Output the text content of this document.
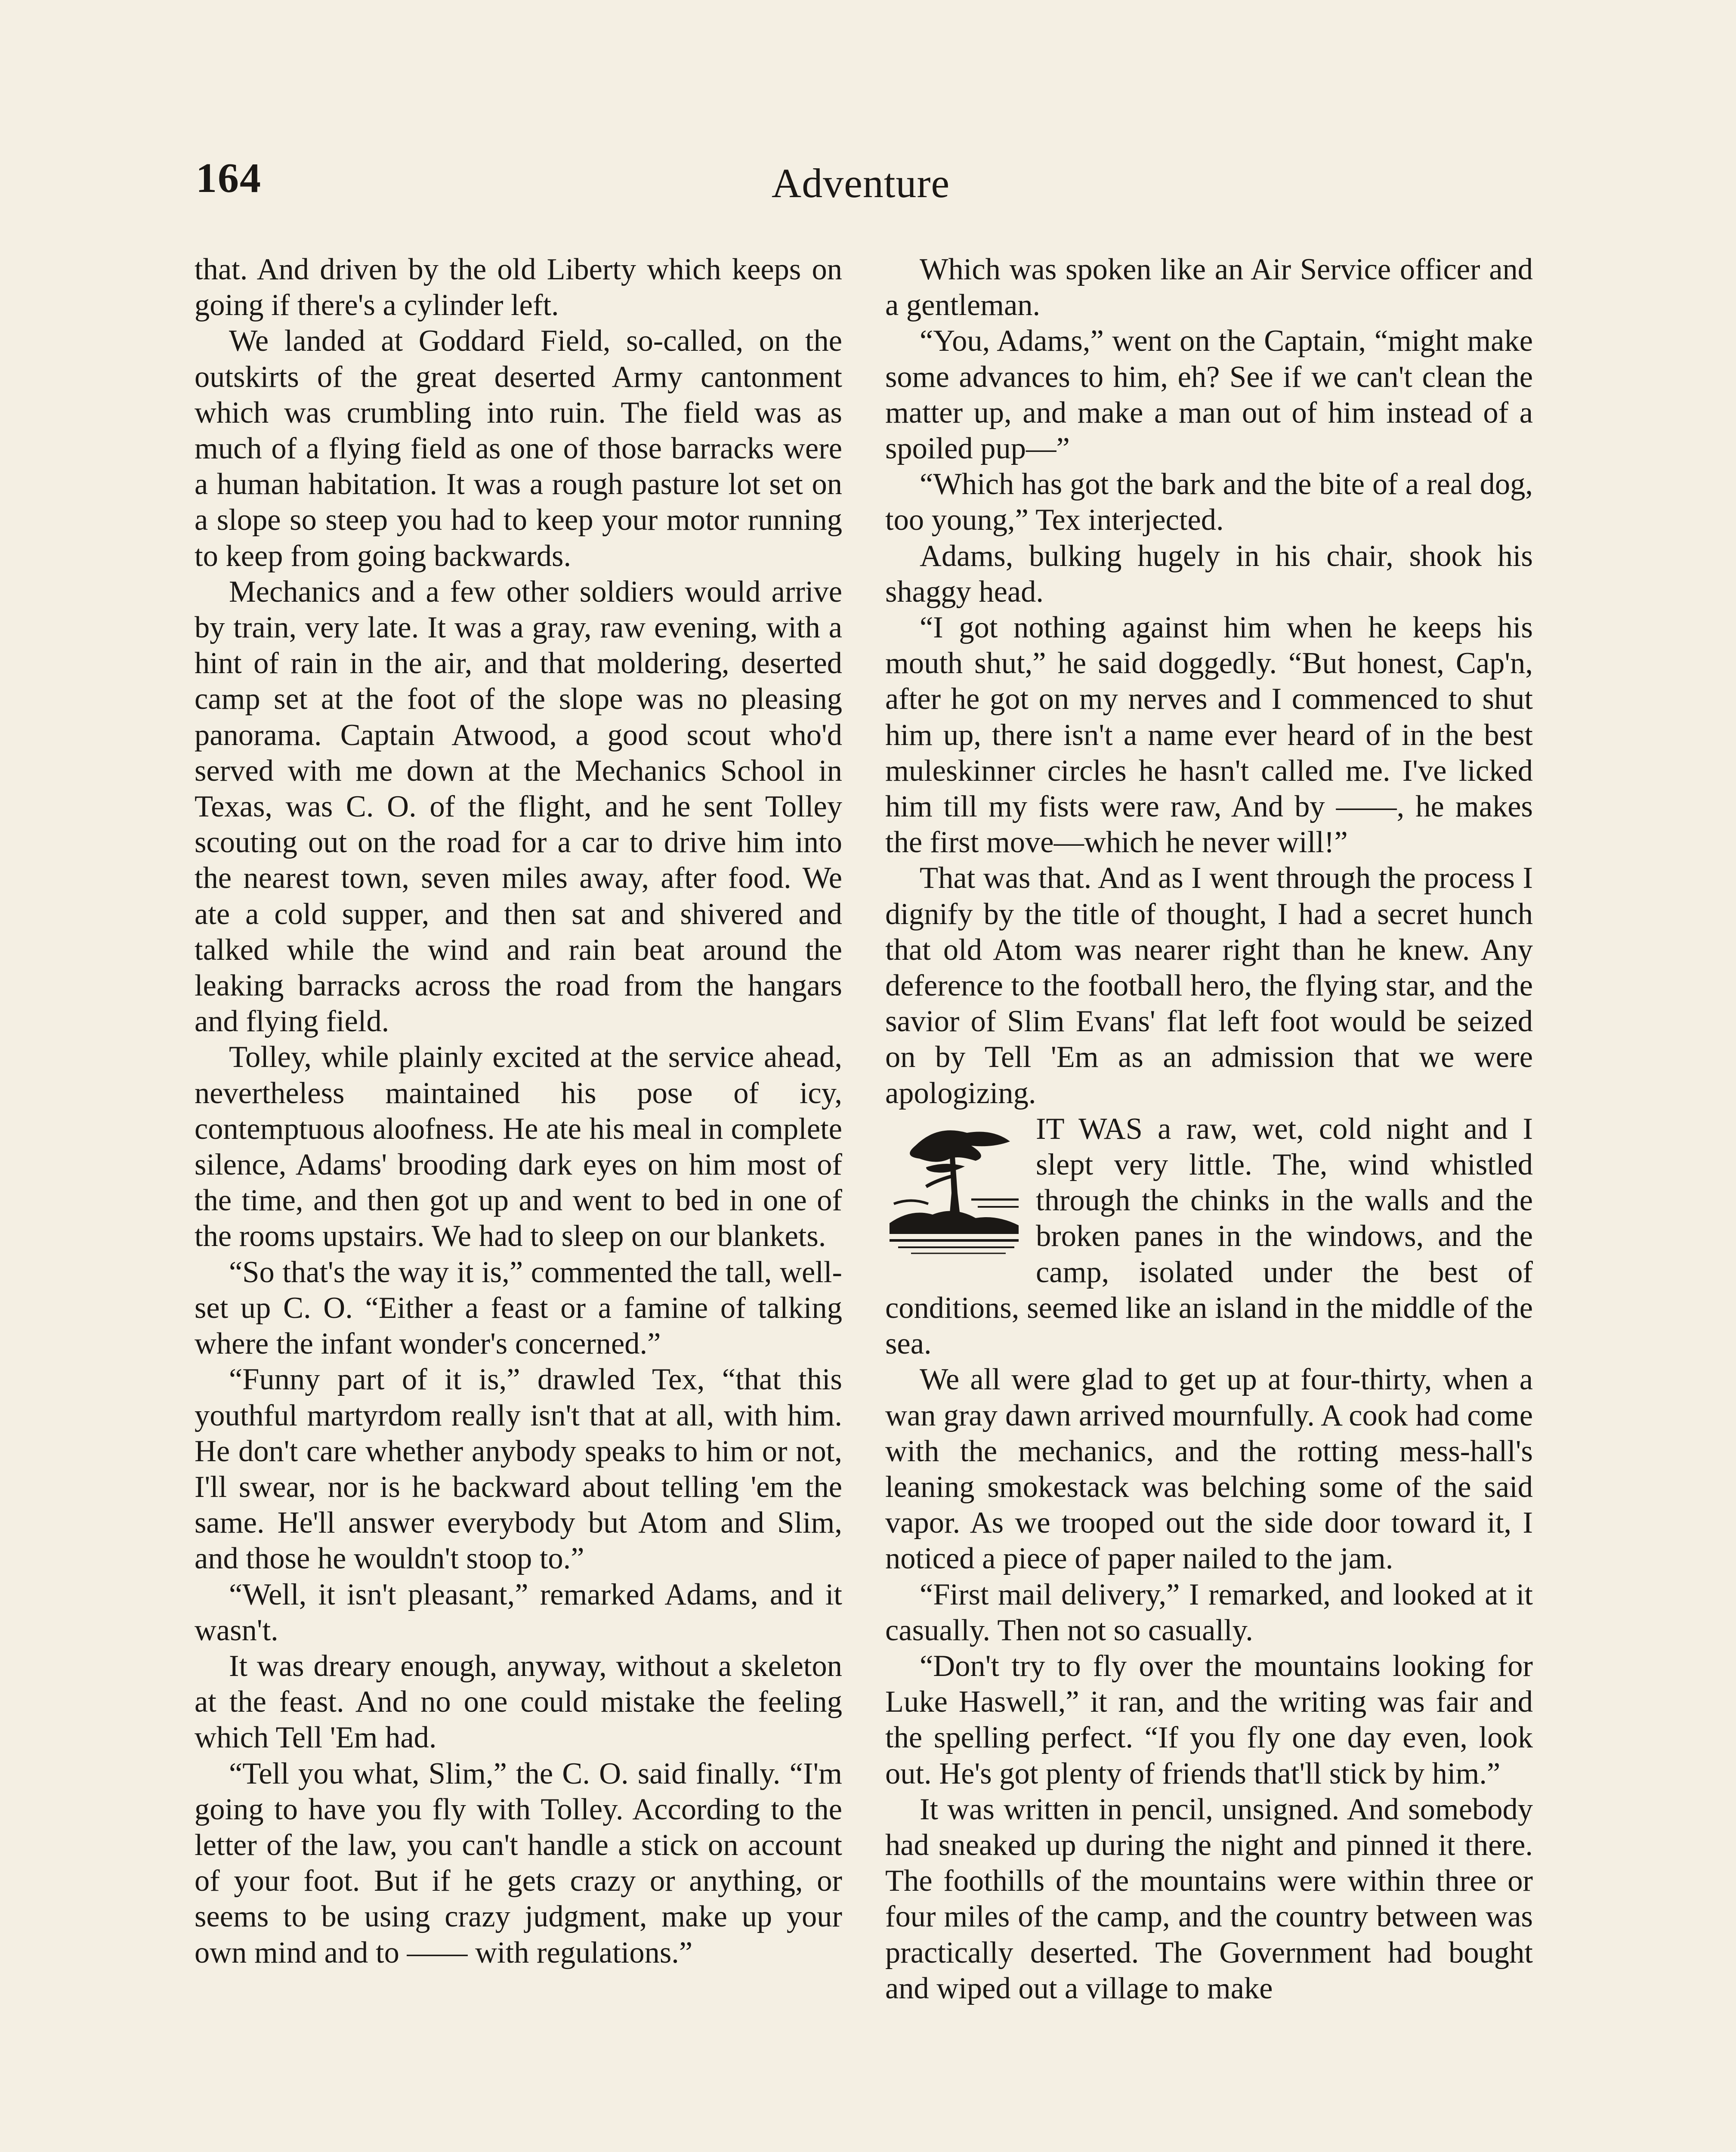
164	Adventure

that. And driven by the old Liberty which keeps on going if there's a cylinder left.

We landed at Goddard Field, so-called, on the outskirts of the great deserted Army cantonment which was crumbling into ruin. The field was as much of a flying field as one of those barracks were a human habitation. It was a rough pasture lot set on a slope so steep you had to keep your motor running to keep from going backwards.

Mechanics and a few other soldiers would arrive by train, very late. It was a gray, raw evening, with a hint of rain in the air, and that moldering, deserted camp set at the foot of the slope was no pleasing panorama. Captain Atwood, a good scout who'd served with me down at the Mechanics School in Texas, was C. O. of the flight, and he sent Tolley scouting out on the road for a car to drive him into the nearest town, seven miles away, after food. We ate a cold supper, and then sat and shivered and talked while the wind and rain beat around the leaking barracks across the road from the hangars and flying field.

Tolley, while plainly excited at the service ahead, nevertheless maintained his pose of icy, contemptuous aloofness. He ate his meal in complete silence, Adams' brooding dark eyes on him most of the time, and then got up and went to bed in one of the rooms upstairs. We had to sleep on our blankets.

“So that's the way it is,” commented the tall, well-set up C. O. “Either a feast or a famine of talking where the infant wonder's concerned.”

“Funny part of it is,” drawled Tex, “that this youthful martyrdom really isn't that at all, with him. He don't care whether anybody speaks to him or not, I'll swear, nor is he backward about telling 'em the same. He'll answer everybody but Atom and Slim, and those he wouldn't stoop to.”

“Well, it isn't pleasant,” remarked Adams, and it wasn't.

It was dreary enough, anyway, without a skeleton at the feast. And no one could mistake the feeling which Tell 'Em had.

“Tell you what, Slim,” the C. O. said finally. “I'm going to have you fly with Tolley. According to the letter of the law, you can't handle a stick on account of your foot. But if he gets crazy or anything, or seems to be using crazy judgment, make up your own mind and to —— with regulations.”

Which was spoken like an Air Service officer and a gentleman.

“You, Adams,” went on the Captain, “might make some advances to him, eh? See if we can't clean the matter up, and make a man out of him instead of a spoiled pup—”

“Which has got the bark and the bite of a real dog, too young,” Tex interjected.

Adams, bulking hugely in his chair, shook his shaggy head.

“I got nothing against him when he keeps his mouth shut,” he said doggedly. “But honest, Cap'n, after he got on my nerves and I commenced to shut him up, there isn't a name ever heard of in the best muleskinner circles he hasn't called me. I've licked him till my fists were raw, And by ——, he makes the first move—which he never will!”

That was that. And as I went through the process I dignify by the title of thought, I had a secret hunch that old Atom was nearer right than he knew. Any deference to the football hero, the flying star, and the savior of Slim Evans' flat left foot would be seized on by Tell 'Em as an admission that we were apologizing.

IT WAS a raw, wet, cold night and I slept very little. The, wind whistled through the chinks in the walls and the broken panes in the windows, and the camp, isolated under the best of conditions, seemed like an island in the middle of the sea.

We all were glad to get up at four-thirty, when a wan gray dawn arrived mournfully. A cook had come with the mechanics, and the rotting mess-hall's leaning smokestack was belching some of the said vapor. As we trooped out the side door toward it, I noticed a piece of paper nailed to the jam.

“First mail delivery,” I remarked, and looked at it casually. Then not so casually.

“Don't try to fly over the mountains looking for Luke Haswell,” it ran, and the writing was fair and the spelling perfect. “If you fly one day even, look out. He's got plenty of friends that'll stick by him.”

It was written in pencil, unsigned. And somebody had sneaked up during the night and pinned it there. The foothills of the mountains were within three or four miles of the camp, and the country between was practically deserted. The Government had bought and wiped out a village to make
